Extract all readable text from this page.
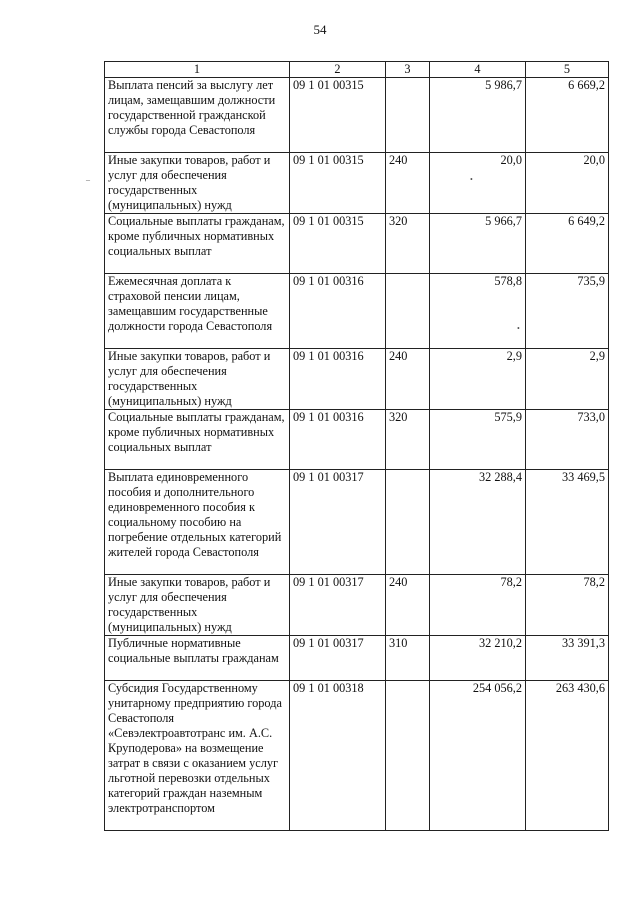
54
1	2	3	4	5
Выплата пенсий за выслугу лет лицам, замещавшим должности государственной гражданской службы города Севастополя	09 1 01 00315		5 986,7	6 669,2
Иные закупки товаров, работ и услуг для обеспечения государственных (муниципальных) нужд	09 1 01 00315	240	20,0	20,0
Социальные выплаты гражданам, кроме публичных нормативных социальных выплат	09 1 01 00315	320	5 966,7	6 649,2
Ежемесячная доплата к страховой пенсии лицам, замещавшим государственные должности города Севастополя	09 1 01 00316		578,8	735,9
Иные закупки товаров, работ и услуг для обеспечения государственных (муниципальных) нужд	09 1 01 00316	240	2,9	2,9
Социальные выплаты гражданам, кроме публичных нормативных социальных выплат	09 1 01 00316	320	575,9	733,0
Выплата единовременного пособия и дополнительного единовременного пособия к социальному пособию на погребение отдельных категорий жителей города Севастополя	09 1 01 00317		32 288,4	33 469,5
Иные закупки товаров, работ и услуг для обеспечения государственных (муниципальных) нужд	09 1 01 00317	240	78,2	78,2
Публичные нормативные социальные выплаты гражданам	09 1 01 00317	310	32 210,2	33 391,3
Субсидия Государственному унитарному предприятию города Севастополя «Севэлектроавтотранс им. А.С. Круподерова» на возмещение затрат в связи с оказанием услуг льготной перевозки отдельных категорий граждан наземным электротранспортом	09 1 01 00318		254 056,2	263 430,6
–	•
•
